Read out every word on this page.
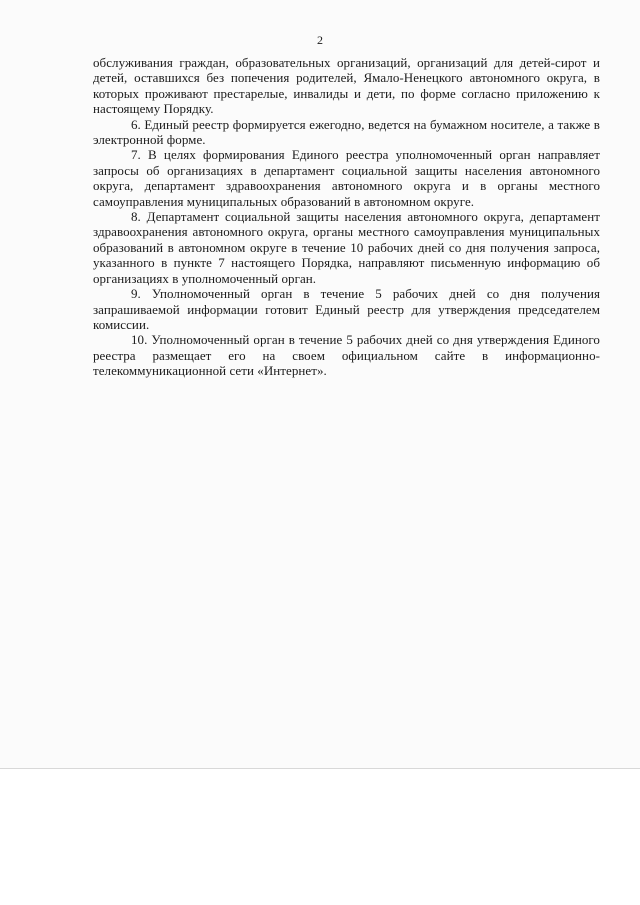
2

обслуживания граждан, образовательных организаций, организаций для детей-сирот и детей, оставшихся без попечения родителей, Ямало-Ненецкого автономного округа, в которых проживают престарелые, инвалиды и дети, по форме согласно приложению к настоящему Порядку.

6. Единый реестр формируется ежегодно, ведется на бумажном носителе, а также в электронной форме.

7. В целях формирования Единого реестра уполномоченный орган направляет запросы об организациях в департамент социальной защиты населения автономного округа, департамент здравоохранения автономного округа и в органы местного самоуправления муниципальных образований в автономном округе.

8. Департамент социальной защиты населения автономного округа, департамент здравоохранения автономного округа, органы местного самоуправления муниципальных образований в автономном округе в течение 10 рабочих дней со дня получения запроса, указанного в пункте 7 настоящего Порядка, направляют письменную информацию об организациях в уполномоченный орган.

9. Уполномоченный орган в течение 5 рабочих дней со дня получения запрашиваемой информации готовит Единый реестр для утверждения председателем комиссии.

10. Уполномоченный орган в течение 5 рабочих дней со дня утверждения Единого реестра размещает его на своем официальном сайте в информационно-телекоммуникационной сети «Интернет».
